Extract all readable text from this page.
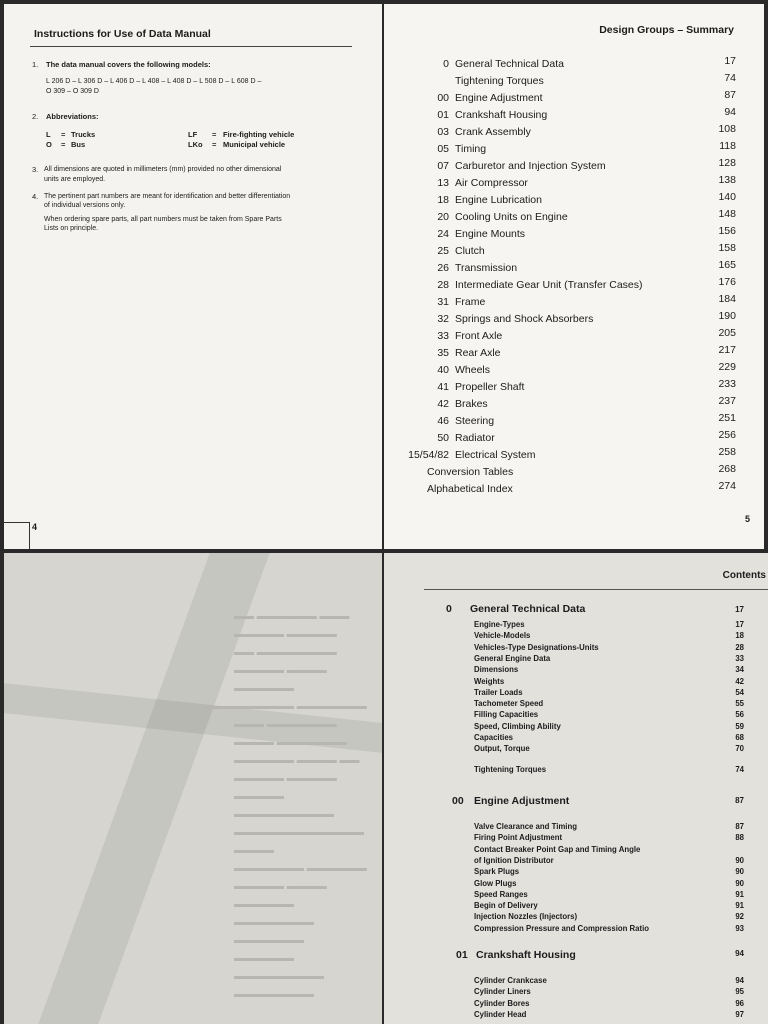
Instructions for Use of Data Manual
1. The data manual covers the following models:
L 206 D – L 306 D – L 406 D – L 408 – L 408 D – L 508 D – L 608 D –
O 309 – O 309 D
2. Abbreviations:
L = Trucks
O = Bus
LF = Fire-fighting vehicle
LKo = Municipal vehicle
3. All dimensions are quoted in millimeters (mm) provided no other dimensional
units are employed.
4. The pertinent part numbers are meant for identification and better differentiation
of individual versions only.
When ordering spare parts, all part numbers must be taken from Spare Parts
Lists on principle.
4
Design Groups – Summary
0 General Technical Data	17
Tightening Torques	74
00 Engine Adjustment	87
01 Crankshaft Housing	94
03 Crank Assembly	108
05 Timing	118
07 Carburetor and Injection System	128
13 Air Compressor	138
18 Engine Lubrication	140
20 Cooling Units on Engine	148
24 Engine Mounts	156
25 Clutch	158
26 Transmission	165
28 Intermediate Gear Unit (Transfer Cases)	176
31 Frame	184
32 Springs and Shock Absorbers	190
33 Front Axle	205
35 Rear Axle	217
40 Wheels	229
41 Propeller Shaft	233
42 Brakes	237
46 Steering	251
50 Radiator	256
15/54/82 Electrical System	258
Conversion Tables	268
Alphabetical Index	274
5
▬▬ ▬▬▬▬▬▬ ▬▬▬
▬▬▬▬▬ ▬▬▬▬▬
▬▬ ▬▬▬▬▬▬▬▬
▬▬▬▬▬ ▬▬▬▬
▬▬▬▬▬▬
▬▬▬▬▬▬▬▬▬ ▬▬▬▬▬▬▬
▬▬▬ ▬▬▬▬▬▬▬
▬▬▬▬ ▬▬▬▬▬▬▬
▬▬▬▬▬▬ ▬▬▬▬ ▬▬
▬▬▬▬▬ ▬▬▬▬▬
▬▬▬▬▬
▬▬▬▬▬▬▬▬▬▬
▬▬▬▬▬▬▬▬▬▬▬▬▬
▬▬▬▬
▬▬▬▬▬▬▬ ▬▬▬▬▬▬
▬▬▬▬▬ ▬▬▬▬
▬▬▬▬▬▬
▬▬▬▬▬▬▬▬
▬▬▬▬▬▬▬
▬▬▬▬▬▬
▬▬▬▬▬▬▬▬▬
▬▬▬▬▬▬▬▬
Contents
0 General Technical Data	17
Engine-Types	17
Vehicle-Models	18
Vehicles-Type Designations-Units	28
General Engine Data	33
Dimensions	34
Weights	42
Trailer Loads	54
Tachometer Speed	55
Filling Capacities	56
Speed, Climbing Ability	59
Capacities	68
Output, Torque	70
Tightening Torques	74
00 Engine Adjustment	87
Valve Clearance and Timing	87
Firing Point Adjustment	88
Contact Breaker Point Gap and Timing Angle
of Ignition Distributor	90
Spark Plugs	90
Glow Plugs	90
Speed Ranges	91
Begin of Delivery	91
Injection Nozzles (Injectors)	92
Compression Pressure and Compression Ratio	93
01 Crankshaft Housing	94
Cylinder Crankcase	94
Cylinder Liners	95
Cylinder Bores	96
Cylinder Head	97
